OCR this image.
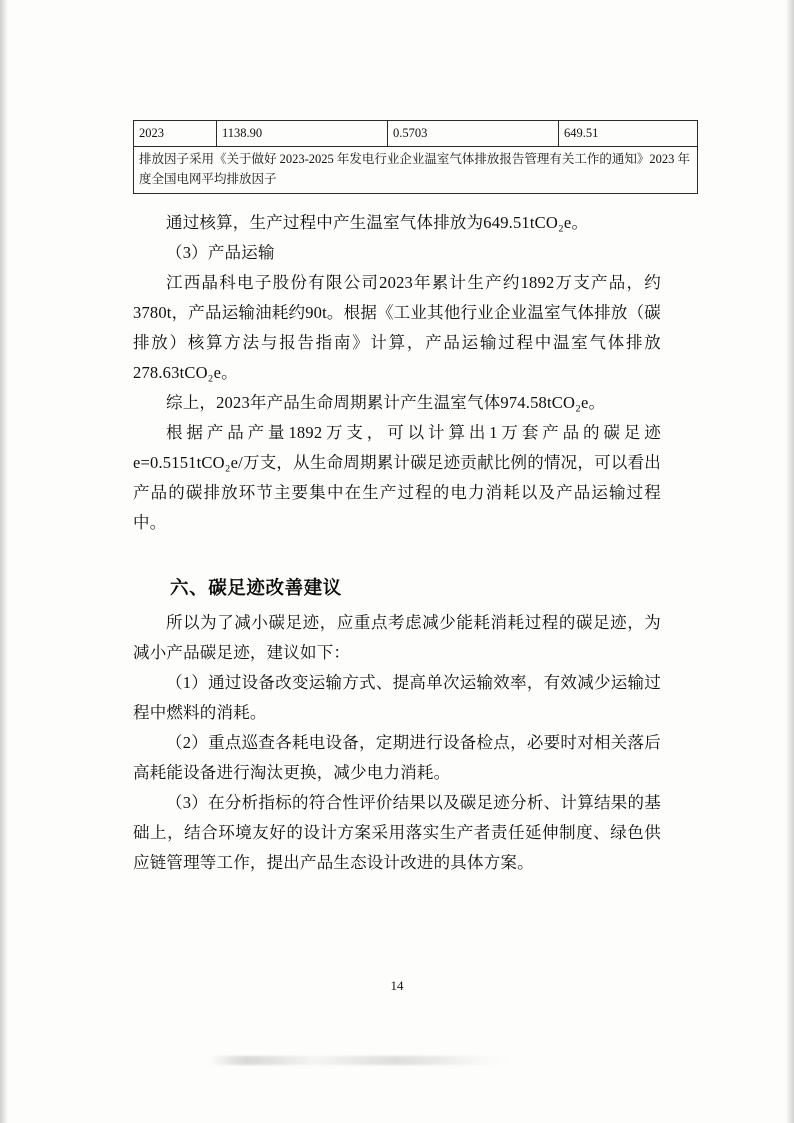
2023	1138.90	0.5703	649.51
排放因子采用《关于做好 2023-2025 年发电行业企业温室气体排放报告管理有关工作的通知》2023 年度全国电网平均排放因子

通过核算，生产过程中产生温室气体排放为649.51tCO₂e。

（3）产品运输

江西晶科电子股份有限公司2023年累计生产约1892万支产品，约3780t，产品运输油耗约90t。根据《工业其他行业企业温室气体排放（碳排放）核算方法与报告指南》计算，产品运输过程中温室气体排放278.63tCO₂e。

综上，2023年产品生命周期累计产生温室气体974.58tCO₂e。

根据产品产量1892万支，可以计算出1万套产品的碳足迹e=0.5151tCO₂e/万支，从生命周期累计碳足迹贡献比例的情况，可以看出产品的碳排放环节主要集中在生产过程的电力消耗以及产品运输过程中。

六、碳足迹改善建议

所以为了减小碳足迹，应重点考虑减少能耗消耗过程的碳足迹，为减小产品碳足迹，建议如下：

（1）通过设备改变运输方式、提高单次运输效率，有效减少运输过程中燃料的消耗。

（2）重点巡查各耗电设备，定期进行设备检点，必要时对相关落后高耗能设备进行淘汰更换，减少电力消耗。

（3）在分析指标的符合性评价结果以及碳足迹分析、计算结果的基础上，结合环境友好的设计方案采用落实生产者责任延伸制度、绿色供应链管理等工作，提出产品生态设计改进的具体方案。

14
